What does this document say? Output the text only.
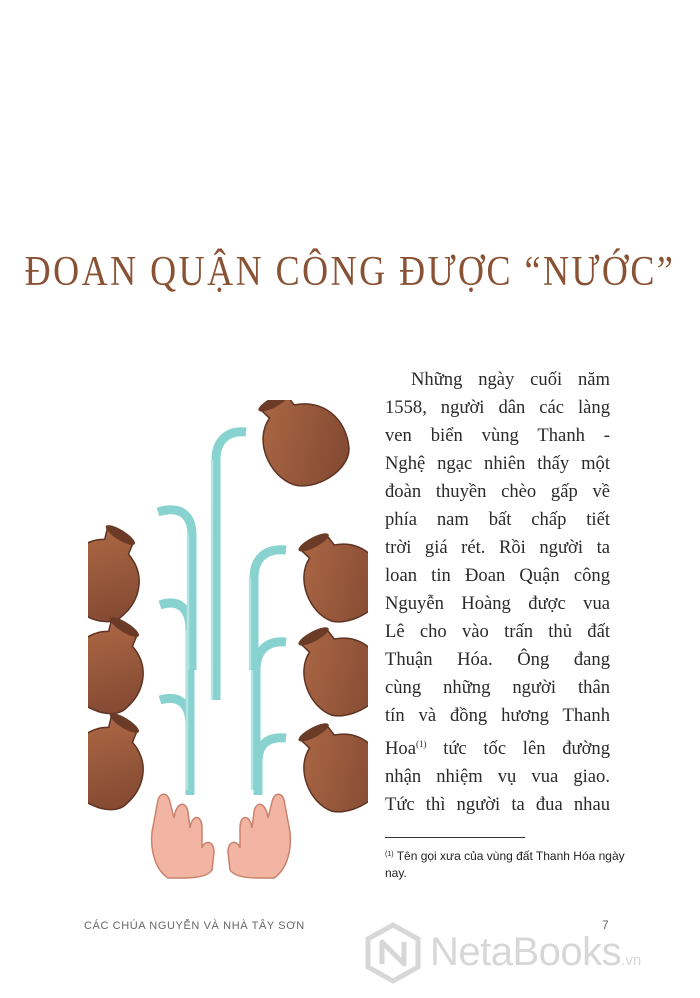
ĐOAN QUẬN CÔNG ĐƯỢC “NƯỚC”
Những ngày cuối năm
1558, người dân các làng
ven biển vùng Thanh -
Nghệ ngạc nhiên thấy một
đoàn thuyền chèo gấp về
phía nam bất chấp tiết
trời giá rét. Rồi người ta
loan tin Đoan Quận công
Nguyễn Hoàng được vua
Lê cho vào trấn thủ đất
Thuận Hóa. Ông đang
cùng những người thân
tín và đồng hương Thanh
Hoa$^{(1)}$ tức tốc lên đường
nhận nhiệm vụ vua giao.
Tức thì người ta đua nhau
$^{(1)}$ Tên gọi xưa của vùng đất Thanh Hóa ngày nay.
CÁC CHÚA NGUYỄN VÀ NHÀ TÂY SƠN	7
NetaBooks.vn
